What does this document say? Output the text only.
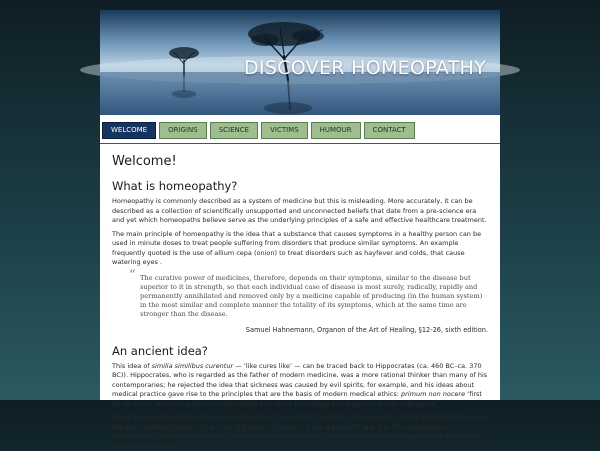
DISCOVER HOMEOPATHY
WELCOME	ORIGINS	SCIENCE	VICTIMS	HUMOUR	CONTACT
Welcome!
What is homeopathy?

Homeopathy is commonly described as a system of medicine but this is misleading. More accurately, it can be described as a collection of scientifically unsupported and unconnected beliefs that date from a pre-science era and yet which homeopaths believe serve as the underlying principles of a safe and effective healthcare treatment.

The main principle of homeopathy is the idea that a substance that causes symptoms in a healthy person can be used in minute doses to treat people suffering from disorders that produce similar symptoms. An example frequently quoted is the use of allium cepa (onion) to treat disorders such as hayfever and colds, that cause watering eyes .

“ The curative power of medicines, therefore, depends on their symptoms, similar to the disease but superior to it in strength, so that each individual case of disease is most surely, radically, rapidly and permanently annihilated and removed only by a medicine capable of producing (in the human system) in the most similar and complete manner the totality of its symptoms, which at the same time are stronger than the disease.
Samuel Hahnemann, Organon of the Art of Healing, §12-26, sixth edition.
An ancient idea?

This idea of similia similibus curentur — ‘like cures like’ — can be traced back to Hippocrates (ca. 460 BC–ca. 370 BC)). Hippocrates, who is regarded as the father of modern medicine, was a more rational thinker than many of his contemporaries; he rejected the idea that sickness was caused by evil spirits, for example, and his ideas about medical practice gave rise to the principles that are the basis of modern medical ethics: primum non nocere ‘first do no harm’, maintain patient confidentiality and share knowledge and experience with colleagues.

Some homeopaths believe this gives all his ideas the weight of authority. Homeopaths call the belief that like cures like the ‘similia principle’ or the ‘Law of Similars’, though it is not a scientific law. It is, like all aspects of homeopathy, highly controversial. There is no logical reason why substances that produce symptoms should cure symptoms and no
